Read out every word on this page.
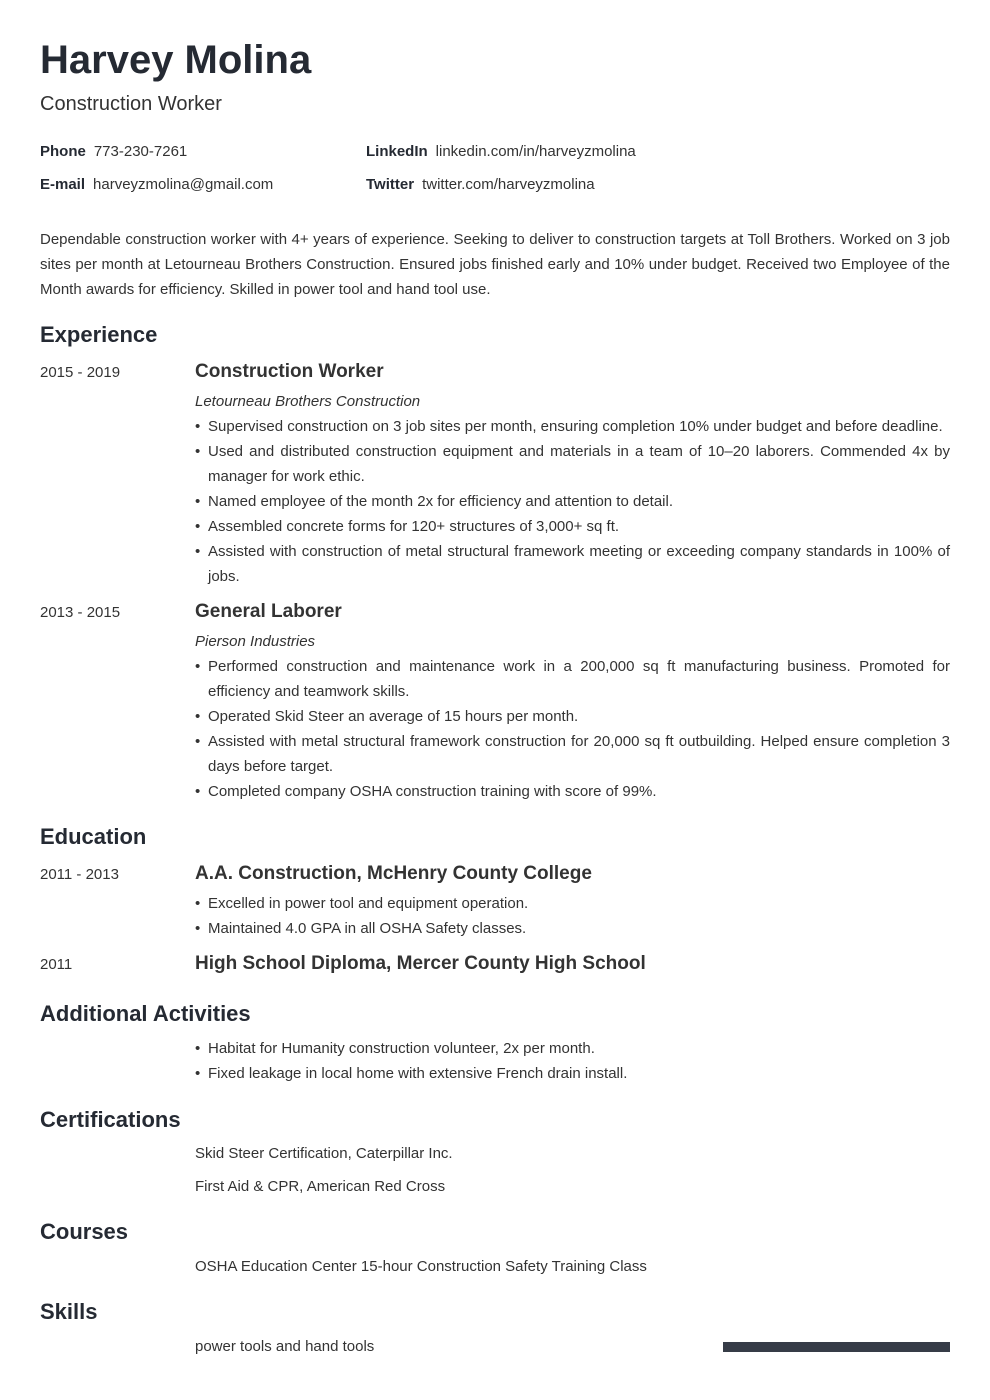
Harvey Molina
Construction Worker
Phone 773-230-7261
E-mail harveyzmolina@gmail.com
LinkedIn linkedin.com/in/harveyzmolina
Twitter twitter.com/harveyzmolina

Dependable construction worker with 4+ years of experience. Seeking to deliver to construction targets at Toll Brothers. Worked on 3 job sites per month at Letourneau Brothers Construction. Ensured jobs finished early and 10% under budget. Received two Employee of the Month awards for efficiency. Skilled in power tool and hand tool use.

Experience
2015 - 2019	Construction Worker
Letourneau Brothers Construction
• Supervised construction on 3 job sites per month, ensuring completion 10% under budget and before deadline.
• Used and distributed construction equipment and materials in a team of 10–20 laborers. Commended 4x by manager for work ethic.
• Named employee of the month 2x for efficiency and attention to detail.
• Assembled concrete forms for 120+ structures of 3,000+ sq ft.
• Assisted with construction of metal structural framework meeting or exceeding company standards in 100% of jobs.
2013 - 2015	General Laborer
Pierson Industries
• Performed construction and maintenance work in a 200,000 sq ft manufacturing business. Promoted for efficiency and teamwork skills.
• Operated Skid Steer an average of 15 hours per month.
• Assisted with metal structural framework construction for 20,000 sq ft outbuilding. Helped ensure completion 3 days before target.
• Completed company OSHA construction training with score of 99%.
Education
2011 - 2013	A.A. Construction, McHenry County College
• Excelled in power tool and equipment operation.
• Maintained 4.0 GPA in all OSHA Safety classes.
2011	High School Diploma, Mercer County High School
Additional Activities
• Habitat for Humanity construction volunteer, 2x per month.
• Fixed leakage in local home with extensive French drain install.
Certifications
Skid Steer Certification, Caterpillar Inc.
First Aid & CPR, American Red Cross
Courses
OSHA Education Center 15-hour Construction Safety Training Class
Skills
power tools and hand tools
